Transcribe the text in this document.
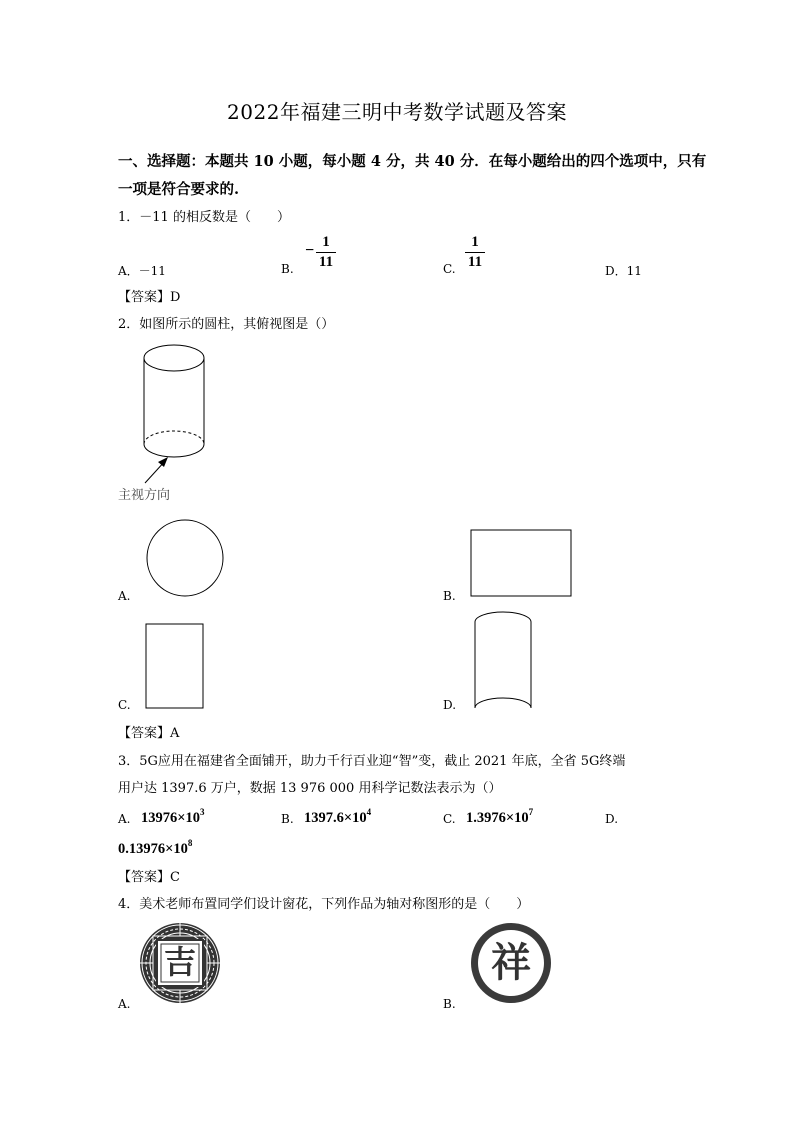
2022年福建三明中考数学试题及答案
一、选择题：本题共 10 小题，每小题 4 分，共 40 分．在每小题给出的四个选项中，只有
一项是符合要求的.
1．－11 的相反数是（　　）
A．－11	B.
− 1
11	C.
1
11
D．11
【答案】D
2．如图所示的圆柱，其俯视图是（）
主视方向
A.	B.
C.	D.
【答案】A
3．5G应用在福建省全面铺开，助力千行百业迎“智”变，截止 2021 年底，全省 5G终端
用户达 1397.6 万户，数据 13 976 000 用科学记数法表示为（）
A. $13976\times 10^3$	B. $1397.6\times 10^4$	C. $1.3976\times 10^7$	D.
$0.13976\times 10^8$
【答案】C
4．美术老师布置同学们设计窗花，下列作品为轴对称图形的是（　　）
吉
A.
祥
B.
